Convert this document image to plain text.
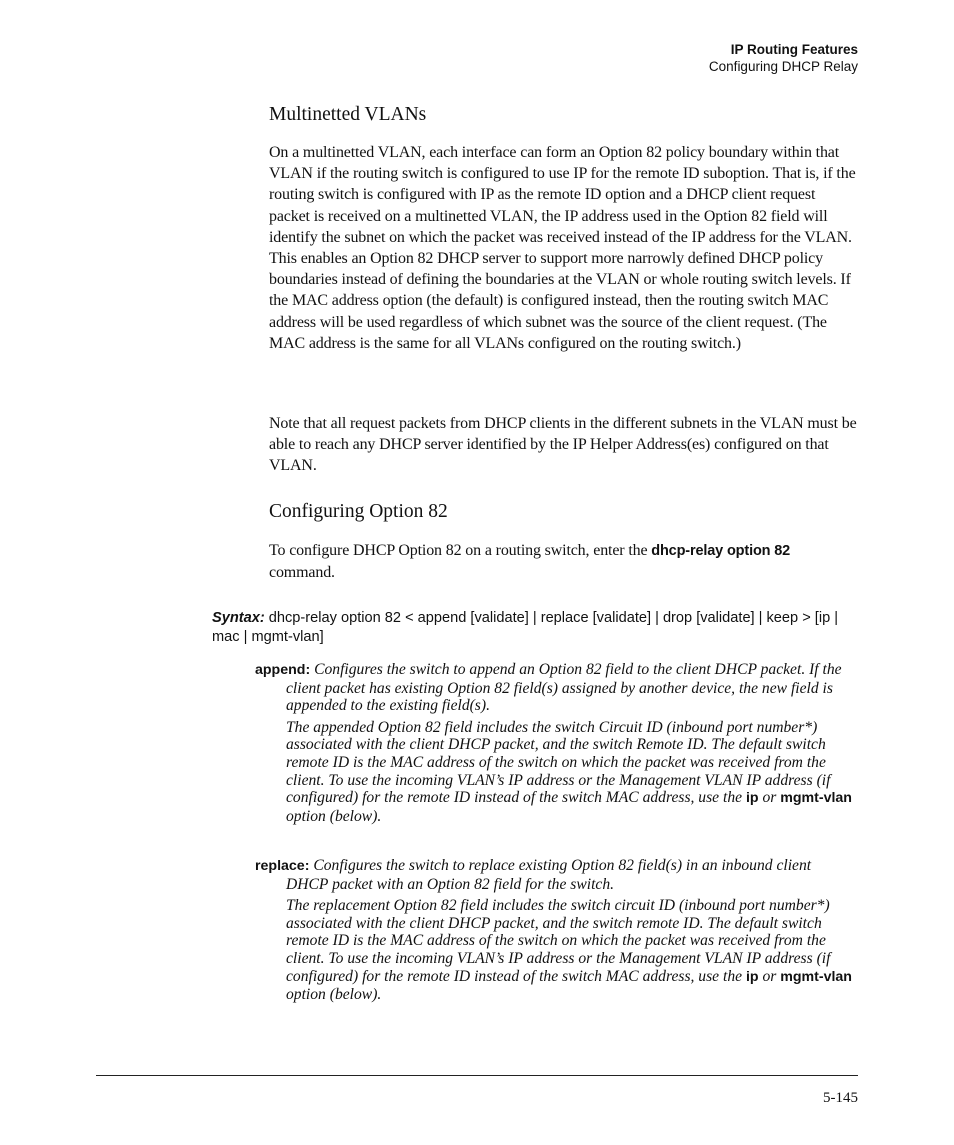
IP Routing Features
Configuring DHCP Relay
Multinetted VLANs

On a multinetted VLAN, each interface can form an Option 82 policy boundary within that VLAN if the routing switch is configured to use IP for the remote ID suboption. That is, if the routing switch is configured with IP as the remote ID option and a DHCP client request packet is received on a multinetted VLAN, the IP address used in the Option 82 field will identify the subnet on which the packet was received instead of the IP address for the VLAN. This enables an Option 82 DHCP server to support more narrowly defined DHCP policy boundaries instead of defining the boundaries at the VLAN or whole routing switch levels. If the MAC address option (the default) is configured instead, then the routing switch MAC address will be used regardless of which subnet was the source of the client request. (The MAC address is the same for all VLANs configured on the routing switch.)

Note that all request packets from DHCP clients in the different subnets in the VLAN must be able to reach any DHCP server identified by the IP Helper Address(es) configured on that VLAN.

Configuring Option 82

To configure DHCP Option 82 on a routing switch, enter the dhcp-relay option 82 command.

Syntax: dhcp-relay option 82 < append [validate] | replace [validate] | drop [validate] | keep > [ip | mac | mgmt-vlan]

append: Configures the switch to append an Option 82 field to the client DHCP packet. If the client packet has existing Option 82 field(s) assigned by another device, the new field is appended to the existing field(s).

The appended Option 82 field includes the switch Circuit ID (inbound port number*) associated with the client DHCP packet, and the switch Remote ID. The default switch remote ID is the MAC address of the switch on which the packet was received from the client. To use the incoming VLAN’s IP address or the Management VLAN IP address (if configured) for the remote ID instead of the switch MAC address, use the ip or mgmt-vlan option (below).

replace: Configures the switch to replace existing Option 82 field(s) in an inbound client DHCP packet with an Option 82 field for the switch.

The replacement Option 82 field includes the switch circuit ID (inbound port number*) associated with the client DHCP packet, and the switch remote ID. The default switch remote ID is the MAC address of the switch on which the packet was received from the client. To use the incoming VLAN’s IP address or the Management VLAN IP address (if configured) for the remote ID instead of the switch MAC address, use the ip or mgmt-vlan option (below).

5-145
